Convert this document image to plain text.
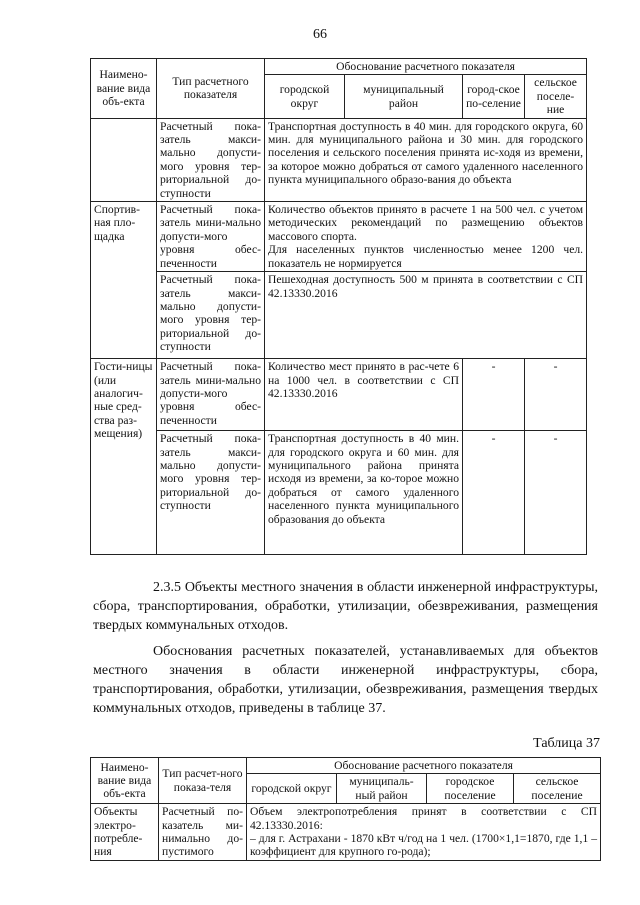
66
Наимено-вание вида объ-екта	Тип расчетного показателя	Обоснование расчетного показателя			
		городской округ	муниципальный район	город-ское по-селение	сельское поселе-ние
	Расчетный пока-затель макси-мально допусти-мого уровня тер-риториальной до-ступности	Транспортная доступность в 40 мин. для городского округа, 60 мин. для муниципального района и 30 мин. для городского поселения и сельского поселения принята ис-ходя из времени, за которое можно добраться от самого удаленного населенного пункта муниципального образо-вания до объекта			
Спортив-ная пло-щадка	Расчетный пока-затель мини-мально допусти-мого уровня обес-печенности	Количество объектов принято в расчете 1 на 500 чел. с учетом методических рекомендаций по размещению объектов массового спорта.
Для населенных пунктов численностью менее 1200 чел. показатель не нормируется			

	Расчетный пока-затель макси-мально допусти-мого уровня тер-риториальной до-ступности	Пешеходная доступность 500 м принята в соответствии с СП 42.13330.2016			
Гости-ницы (или аналогич-ные сред-ства раз-мещения)	Расчетный пока-затель мини-мально допусти-мого уровня обес-печенности	Количество мест принято в рас-чете 6 на 1000 чел. в соответствии с СП 42.13330.2016		-	-
	Расчетный пока-затель макси-мально допусти-мого уровня тер-риториальной до-ступности	Транспортная доступность в 40 мин. для городского округа и 60 мин. для муниципального района принята исходя из времени, за ко-торое можно добраться от самого удаленного населенного пункта муниципального образования до объекта		-	-
2.3.5 Объекты местного значения в области инженерной инфраструктуры, сбора, транспортирования, обработки, утилизации, обезвреживания, размещения твердых коммунальных отходов.
Обоснования расчетных показателей, устанавливаемых для объектов местного значения в области инженерной инфраструктуры, сбора, транспортирования, обработки, утилизации, обезвреживания, размещения твердых коммунальных отходов, приведены в таблице 37.
Таблица 37
Наимено-вание вида объ-екта	Тип расчет-ного показа-теля	Обоснование расчетного показателя			
		городской округ	муниципаль-ный район	городское поселение	сельское поселение
Объекты электро-потребле-ния	Расчетный по-казатель ми-нимально до-пустимого	Объем электропотребления принят в соответствии с СП 42.13330.2016:
– для г. Астрахани - 1870 кВт ч/год на 1 чел. (1700×1,1=1870, где 1,1 – коэффициент для крупного го-рода);			
